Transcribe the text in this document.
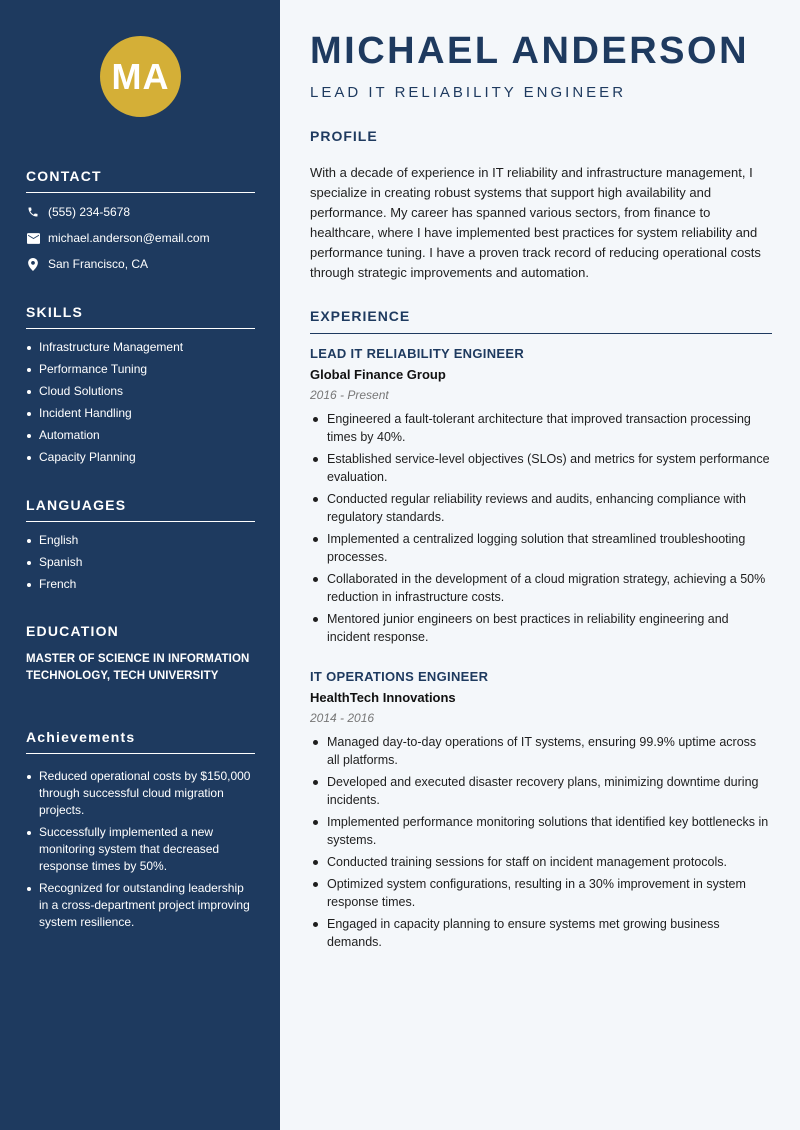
MA
CONTACT
(555) 234-5678
michael.anderson@email.com
San Francisco, CA
SKILLS
Infrastructure Management
Performance Tuning
Cloud Solutions
Incident Handling
Automation
Capacity Planning
LANGUAGES
English
Spanish
French
EDUCATION
MASTER OF SCIENCE IN INFORMATION TECHNOLOGY, TECH UNIVERSITY
Achievements
Reduced operational costs by $150,000 through successful cloud migration projects.
Successfully implemented a new monitoring system that decreased response times by 50%.
Recognized for outstanding leadership in a cross-department project improving system resilience.
MICHAEL ANDERSON
LEAD IT RELIABILITY ENGINEER
PROFILE
With a decade of experience in IT reliability and infrastructure management, I specialize in creating robust systems that support high availability and performance. My career has spanned various sectors, from finance to healthcare, where I have implemented best practices for system reliability and performance tuning. I have a proven track record of reducing operational costs through strategic improvements and automation.
EXPERIENCE
LEAD IT RELIABILITY ENGINEER
Global Finance Group
2016 - Present
Engineered a fault-tolerant architecture that improved transaction processing times by 40%.
Established service-level objectives (SLOs) and metrics for system performance evaluation.
Conducted regular reliability reviews and audits, enhancing compliance with regulatory standards.
Implemented a centralized logging solution that streamlined troubleshooting processes.
Collaborated in the development of a cloud migration strategy, achieving a 50% reduction in infrastructure costs.
Mentored junior engineers on best practices in reliability engineering and incident response.
IT OPERATIONS ENGINEER
HealthTech Innovations
2014 - 2016
Managed day-to-day operations of IT systems, ensuring 99.9% uptime across all platforms.
Developed and executed disaster recovery plans, minimizing downtime during incidents.
Implemented performance monitoring solutions that identified key bottlenecks in systems.
Conducted training sessions for staff on incident management protocols.
Optimized system configurations, resulting in a 30% improvement in system response times.
Engaged in capacity planning to ensure systems met growing business demands.
